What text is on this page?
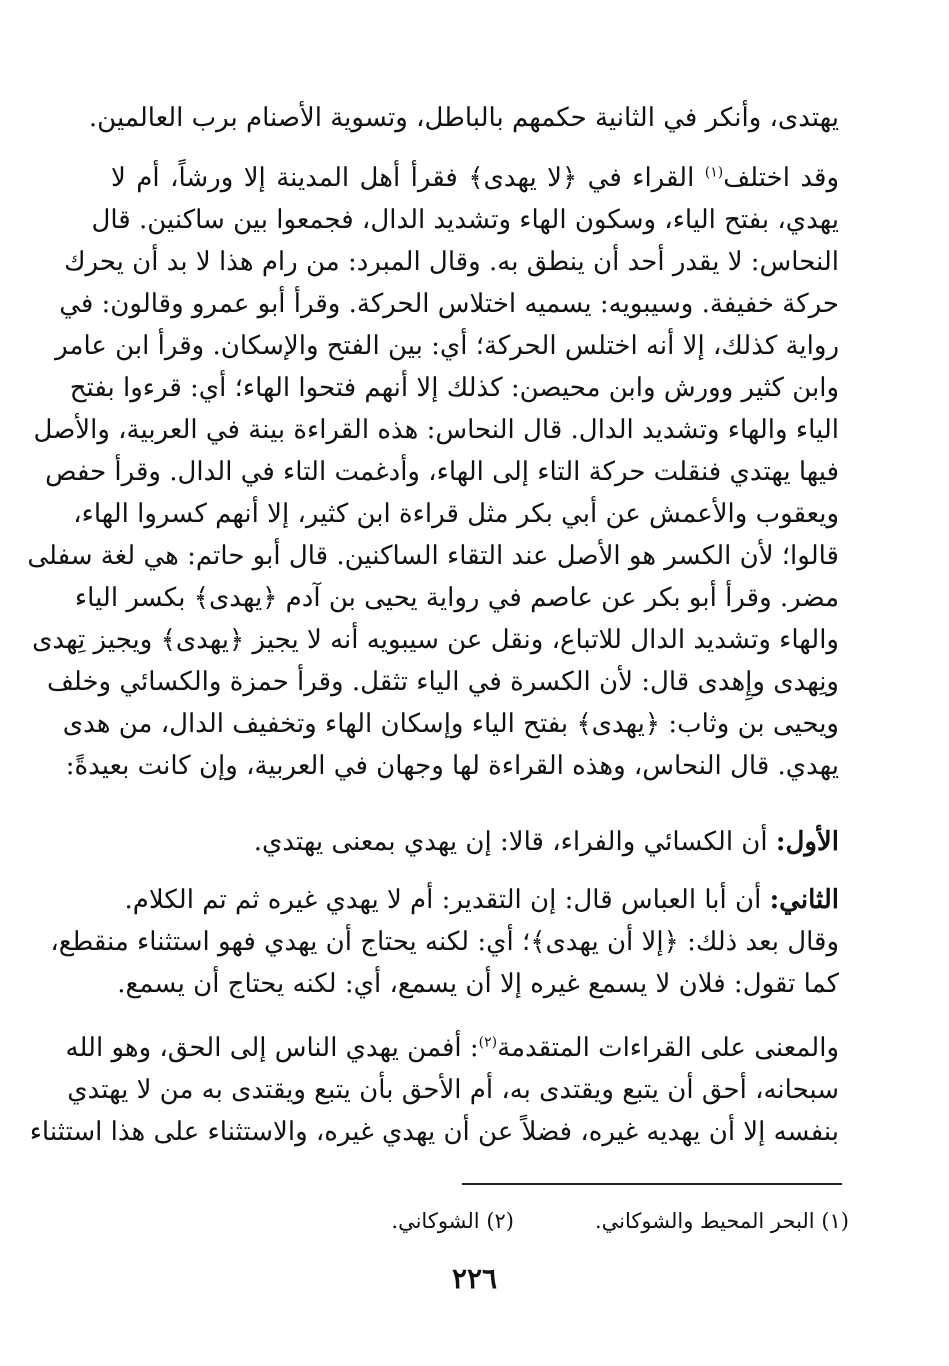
يهتدى، وأنكر في الثانية حكمهم بالباطل، وتسوية الأصنام برب العالمين.
وقد اختلف$^{(١)}$ القراء في ﴿لا يهدى﴾ فقرأ أهل المدينة إلا ورشاً، أم لا
يهدي، بفتح الياء، وسكون الهاء وتشديد الدال، فجمعوا بين ساكنين. قال
النحاس: لا يقدر أحد أن ينطق به. وقال المبرد: من رام هذا لا بد أن يحرك
حركة خفيفة. وسيبويه: يسميه اختلاس الحركة. وقرأ أبو عمرو وقالون: في
رواية كذلك، إلا أنه اختلس الحركة؛ أي: بين الفتح والإسكان. وقرأ ابن عامر
وابن كثير وورش وابن محيصن: كذلك إلا أنهم فتحوا الهاء؛ أي: قرءوا بفتح
الياء والهاء وتشديد الدال. قال النحاس: هذه القراءة بينة في العربية، والأصل
فيها يهتدي فنقلت حركة التاء إلى الهاء، وأدغمت التاء في الدال. وقرأ حفص
ويعقوب والأعمش عن أبي بكر مثل قراءة ابن كثير، إلا أنهم كسروا الهاء،
قالوا؛ لأن الكسر هو الأصل عند التقاء الساكنين. قال أبو حاتم: هي لغة سفلى
مضر. وقرأ أبو بكر عن عاصم في رواية يحيى بن آدم ﴿يهدى﴾ بكسر الياء
والهاء وتشديد الدال للاتباع، ونقل عن سيبويه أنه لا يجيز ﴿يهدى﴾ ويجيز تِهدى
ونِهدى وإِهدى قال: لأن الكسرة في الياء تثقل. وقرأ حمزة والكسائي وخلف
ويحيى بن وثاب: ﴿يهدى﴾ بفتح الياء وإسكان الهاء وتخفيف الدال، من هدى
يهدي. قال النحاس، وهذه القراءة لها وجهان في العربية، وإن كانت بعيدةً:
الأول: أن الكسائي والفراء، قالا: إن يهدي بمعنى يهتدي.
الثاني: أن أبا العباس قال: إن التقدير: أم لا يهدي غيره ثم تم الكلام.
وقال بعد ذلك: ﴿إلا أن يهدى﴾؛ أي: لكنه يحتاج أن يهدي فهو استثناء منقطع،
كما تقول: فلان لا يسمع غيره إلا أن يسمع، أي: لكنه يحتاج أن يسمع.
والمعنى على القراءات المتقدمة$^{(٢)}$: أفمن يهدي الناس إلى الحق، وهو الله
سبحانه، أحق أن يتبع ويقتدى به، أم الأحق بأن يتبع ويقتدى به من لا يهتدي
بنفسه إلا أن يهديه غيره، فضلاً عن أن يهدي غيره، والاستثناء على هذا استثناء
(١) البحر المحيط والشوكاني.
(٢) الشوكاني.
٢٢٦
